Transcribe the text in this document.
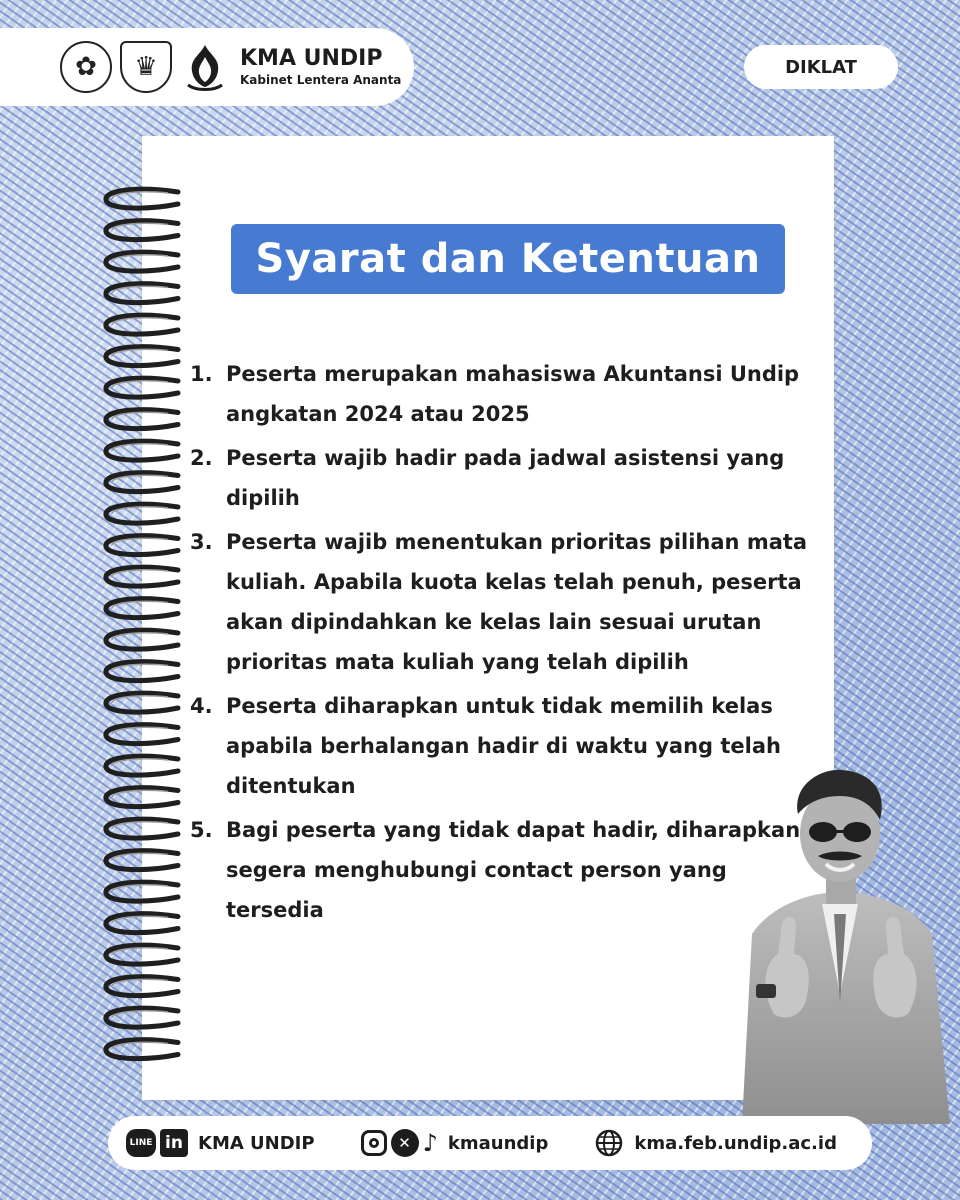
✿	♛	KMA UNDIP
Kabinet Lentera Ananta
DIKLAT
Syarat dan Ketentuan
1. Peserta merupakan mahasiswa Akuntansi Undip angkatan 2024 atau 2025
2. Peserta wajib hadir pada jadwal asistensi yang dipilih
3. Peserta wajib menentukan prioritas pilihan mata kuliah. Apabila kuota kelas telah penuh, peserta akan dipindahkan ke kelas lain sesuai urutan prioritas mata kuliah yang telah dipilih
4. Peserta diharapkan untuk tidak memilih kelas apabila berhalangan hadir di waktu yang telah ditentukan
5. Bagi peserta yang tidak dapat hadir, diharapkan segera menghubungi contact person yang tersedia
LINE in KMA UNDIP	✕ ♪ kmaundip	kma.feb.undip.ac.id
